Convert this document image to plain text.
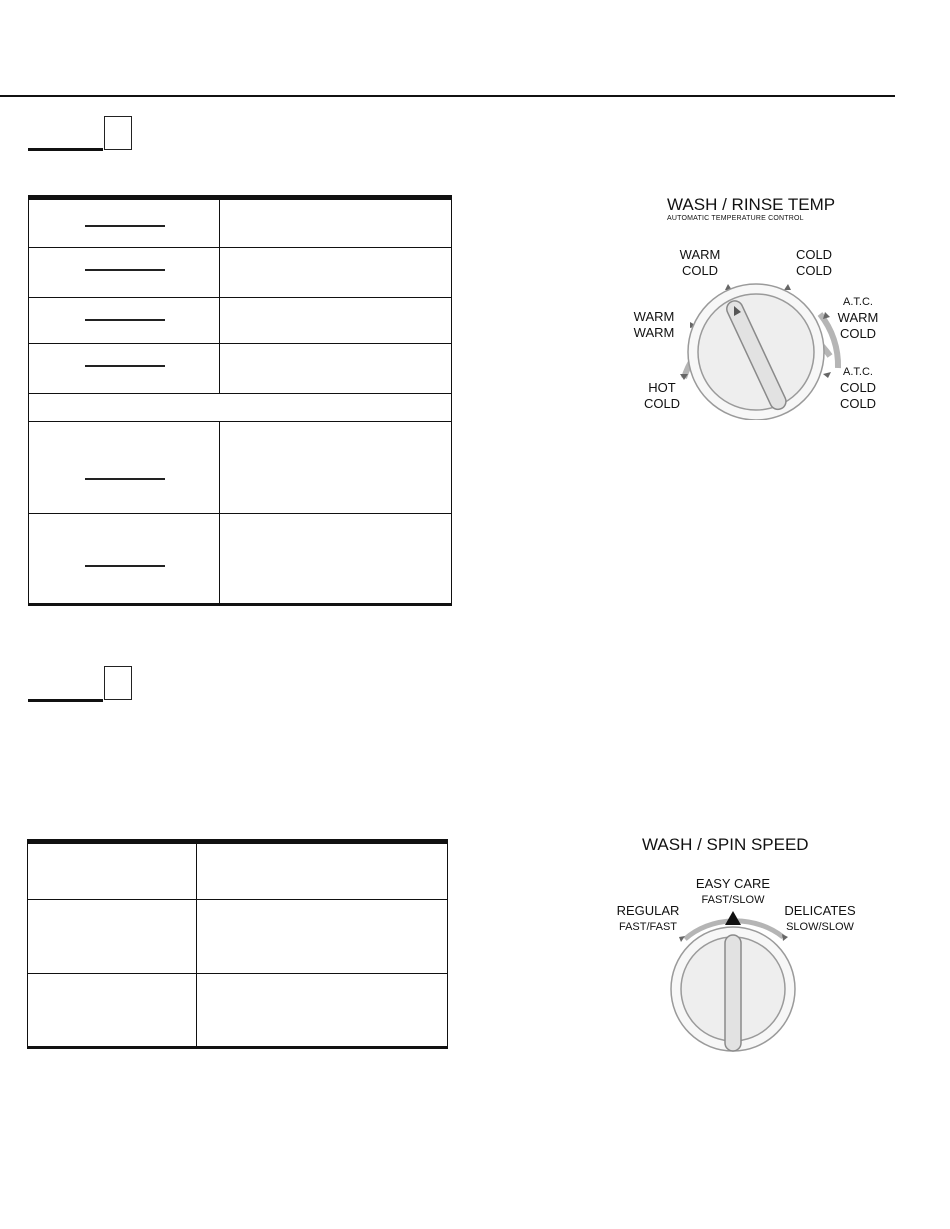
WASH / RINSE TEMP
AUTOMATIC TEMPERATURE CONTROL
HOT
COLD
WARM
WARM
WARM
COLD
COLD
COLD
A.T.C.
WARM
COLD
A.T.C.
COLD
COLD

WASH / SPIN SPEED
REGULAR
FAST/FAST
EASY CARE
FAST/SLOW
DELICATES
SLOW/SLOW
